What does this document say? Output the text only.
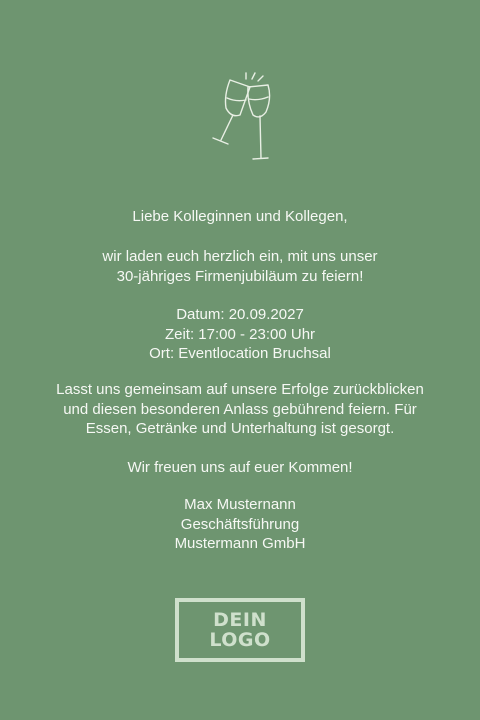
Liebe Kolleginnen und Kollegen,
wir laden euch herzlich ein, mit uns unser
30-jähriges Firmenjubiläum zu feiern!
Datum: 20.09.2027
Zeit: 17:00 - 23:00 Uhr
Ort: Eventlocation Bruchsal
Lasst uns gemeinsam auf unsere Erfolge zurückblicken
und diesen besonderen Anlass gebührend feiern. Für
Essen, Getränke und Unterhaltung ist gesorgt.
Wir freuen uns auf euer Kommen!
Max Musternann
Geschäftsführung
Mustermann GmbH
DEIN
LOGO
